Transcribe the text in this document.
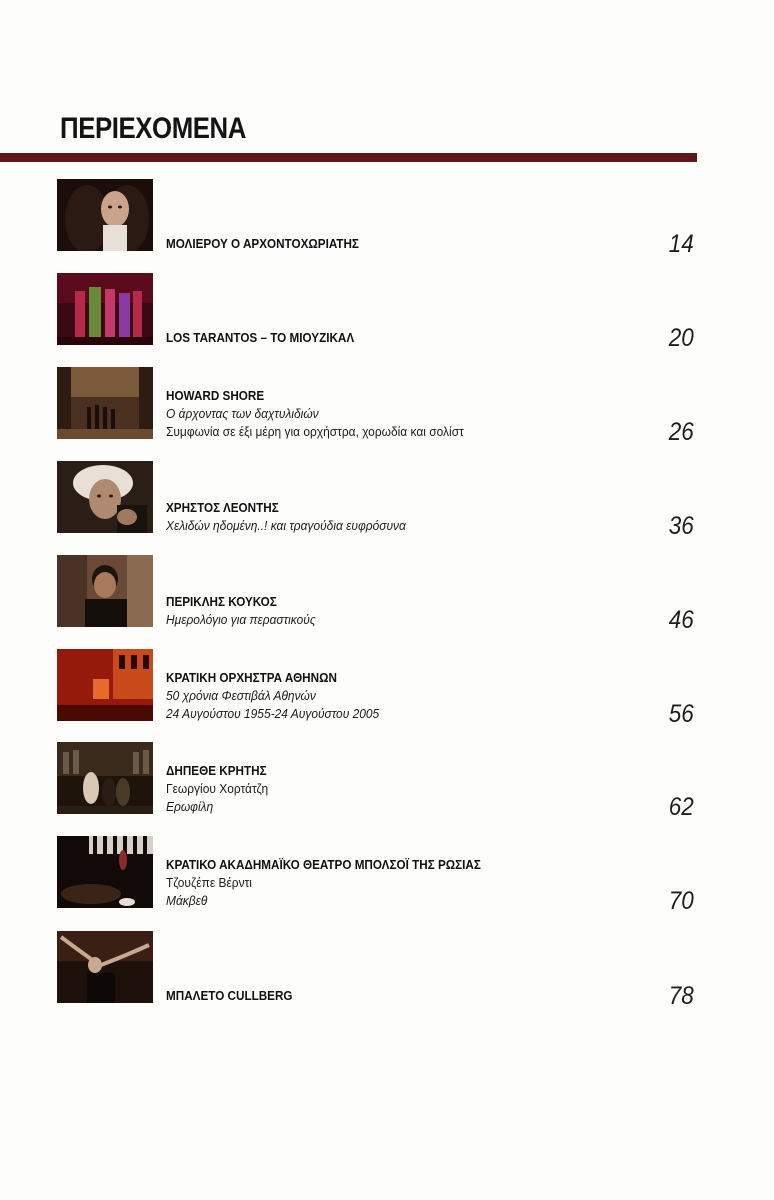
ΠΕΡΙΕΧΟΜΕΝΑ
ΜΟΛΙΕΡΟΥ Ο ΑΡΧΟΝΤΟΧΩΡΙΑΤΗΣ	14
LOS TARANTOS – ΤΟ ΜΙΟΥΖΙΚΑΛ	20
HOWARD SHORE
Ο άρχοντας των δαχτυλιδιών
Συμφωνία σε έξι μέρη για ορχήστρα, χορωδία και σολίστ	26
ΧΡΗΣΤΟΣ ΛΕΟΝΤΗΣ
Χελιδών ηδομένη..! και τραγούδια ευφρόσυνα	36
ΠΕΡΙΚΛΗΣ ΚΟΥΚΟΣ
Ημερολόγιο για περαστικούς	46
ΚΡΑΤΙΚΗ ΟΡΧΗΣΤΡΑ ΑΘΗΝΩΝ
50 χρόνια Φεστιβάλ Αθηνών
24 Αυγούστου 1955-24 Αυγούστου 2005	56
ΔΗΠΕΘΕ ΚΡΗΤΗΣ
Γεωργίου Χορτάτζη
Ερωφίλη	62
ΚΡΑΤΙΚΟ ΑΚΑΔΗΜΑΪΚΟ ΘΕΑΤΡΟ ΜΠΟΛΣΟΪ ΤΗΣ ΡΩΣΙΑΣ
Τζουζέπε Βέρντι
Μάκβεθ	70
ΜΠΑΛΕΤΟ CULLBERG	78
